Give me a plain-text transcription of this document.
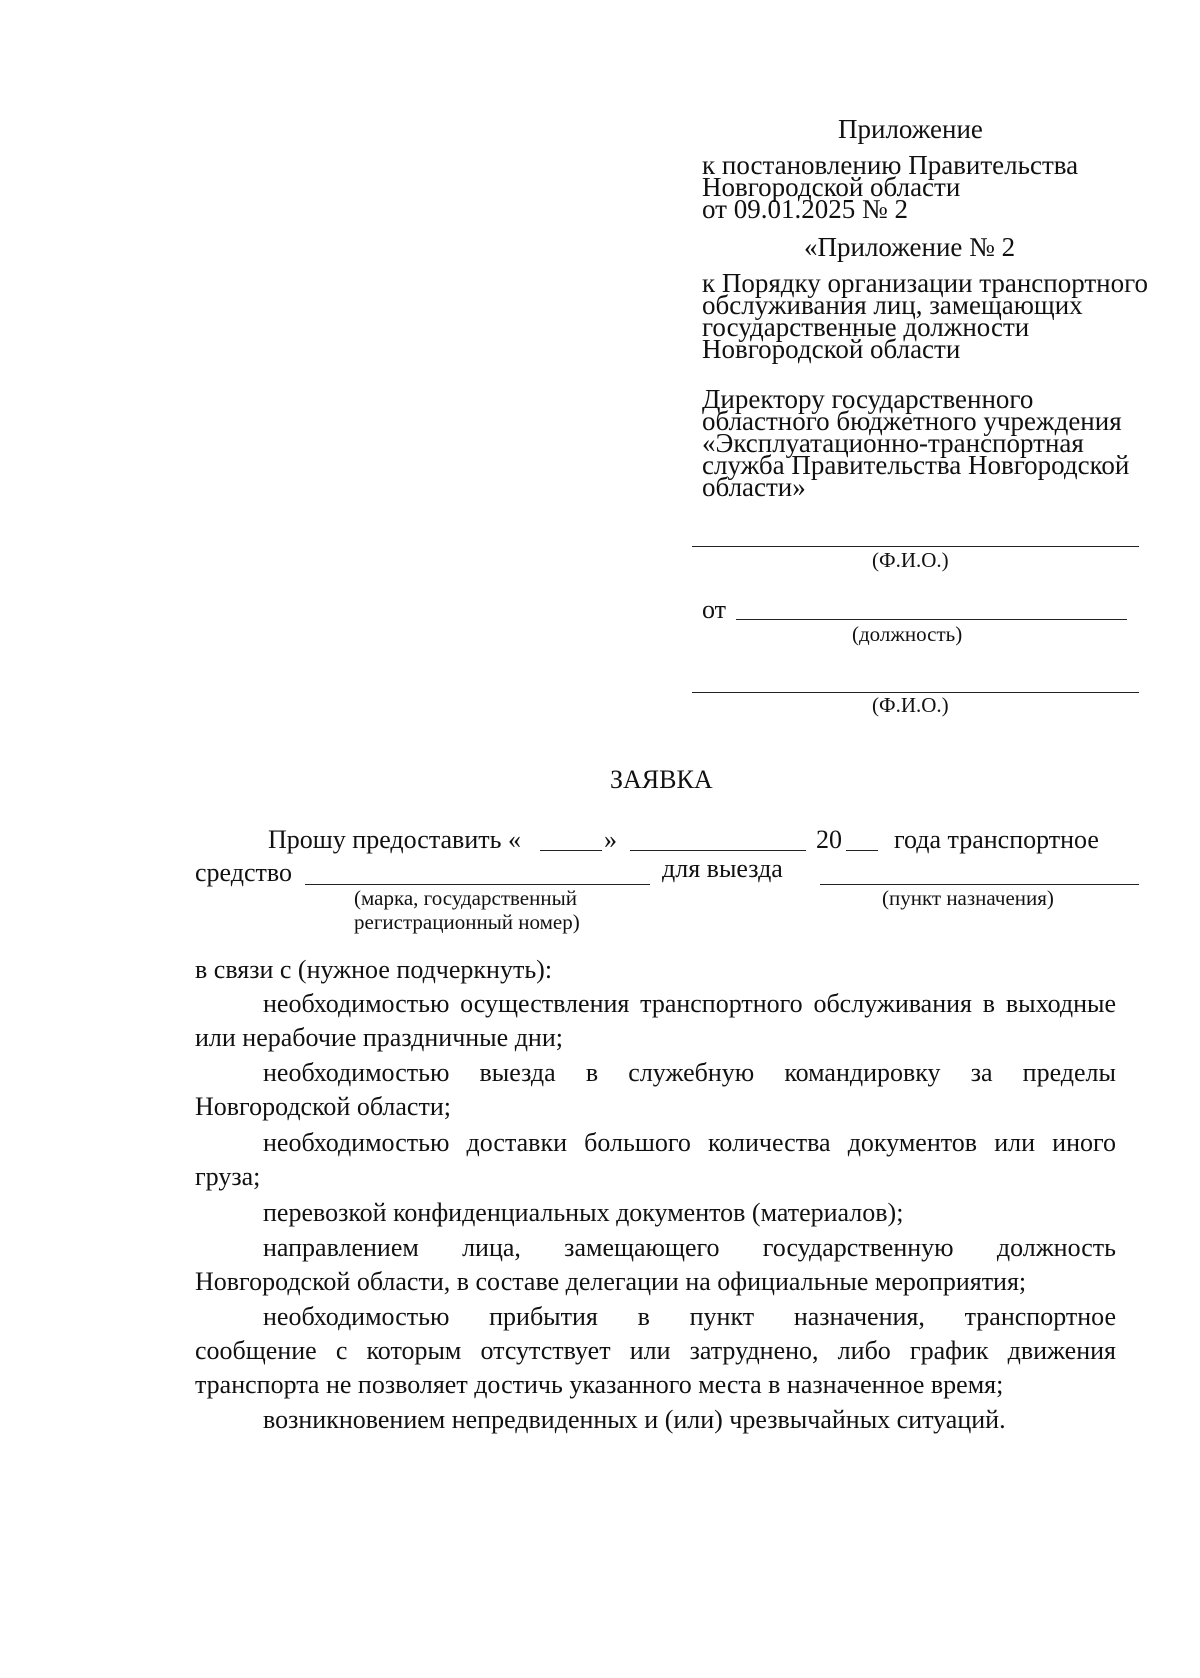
Приложение
к постановлению Правительства
Новгородской области
от 09.01.2025 № 2
«Приложение № 2
к Порядку организации транспортного
обслуживания лиц, замещающих
государственные должности
Новгородской области
Директору государственного
областного бюджетного учреждения
«Эксплуатационно-транспортная
служба Правительства Новгородской
области»
(Ф.И.О.)
от
(должность)
(Ф.И.О.)
ЗАЯВКА
Прошу предоставить «	»	20 года транспортное
средство	для выезда
(марка, государственный
регистрационный номер)
(пункт назначения)
в связи с (нужное подчеркнуть):
необходимостью осуществления транспортного обслуживания в выходные
или нерабочие праздничные дни;
необходимостью выезда в служебную командировку за пределы
Новгородской области;
необходимостью доставки большого количества документов или иного
груза;
перевозкой конфиденциальных документов (материалов);
направлением лица, замещающего государственную должность
Новгородской области, в составе делегации на официальные мероприятия;
необходимостью прибытия в пункт назначения, транспортное
сообщение с которым отсутствует или затруднено, либо график движения
транспорта не позволяет достичь указанного места в назначенное время;
возникновением непредвиденных и (или) чрезвычайных ситуаций.
